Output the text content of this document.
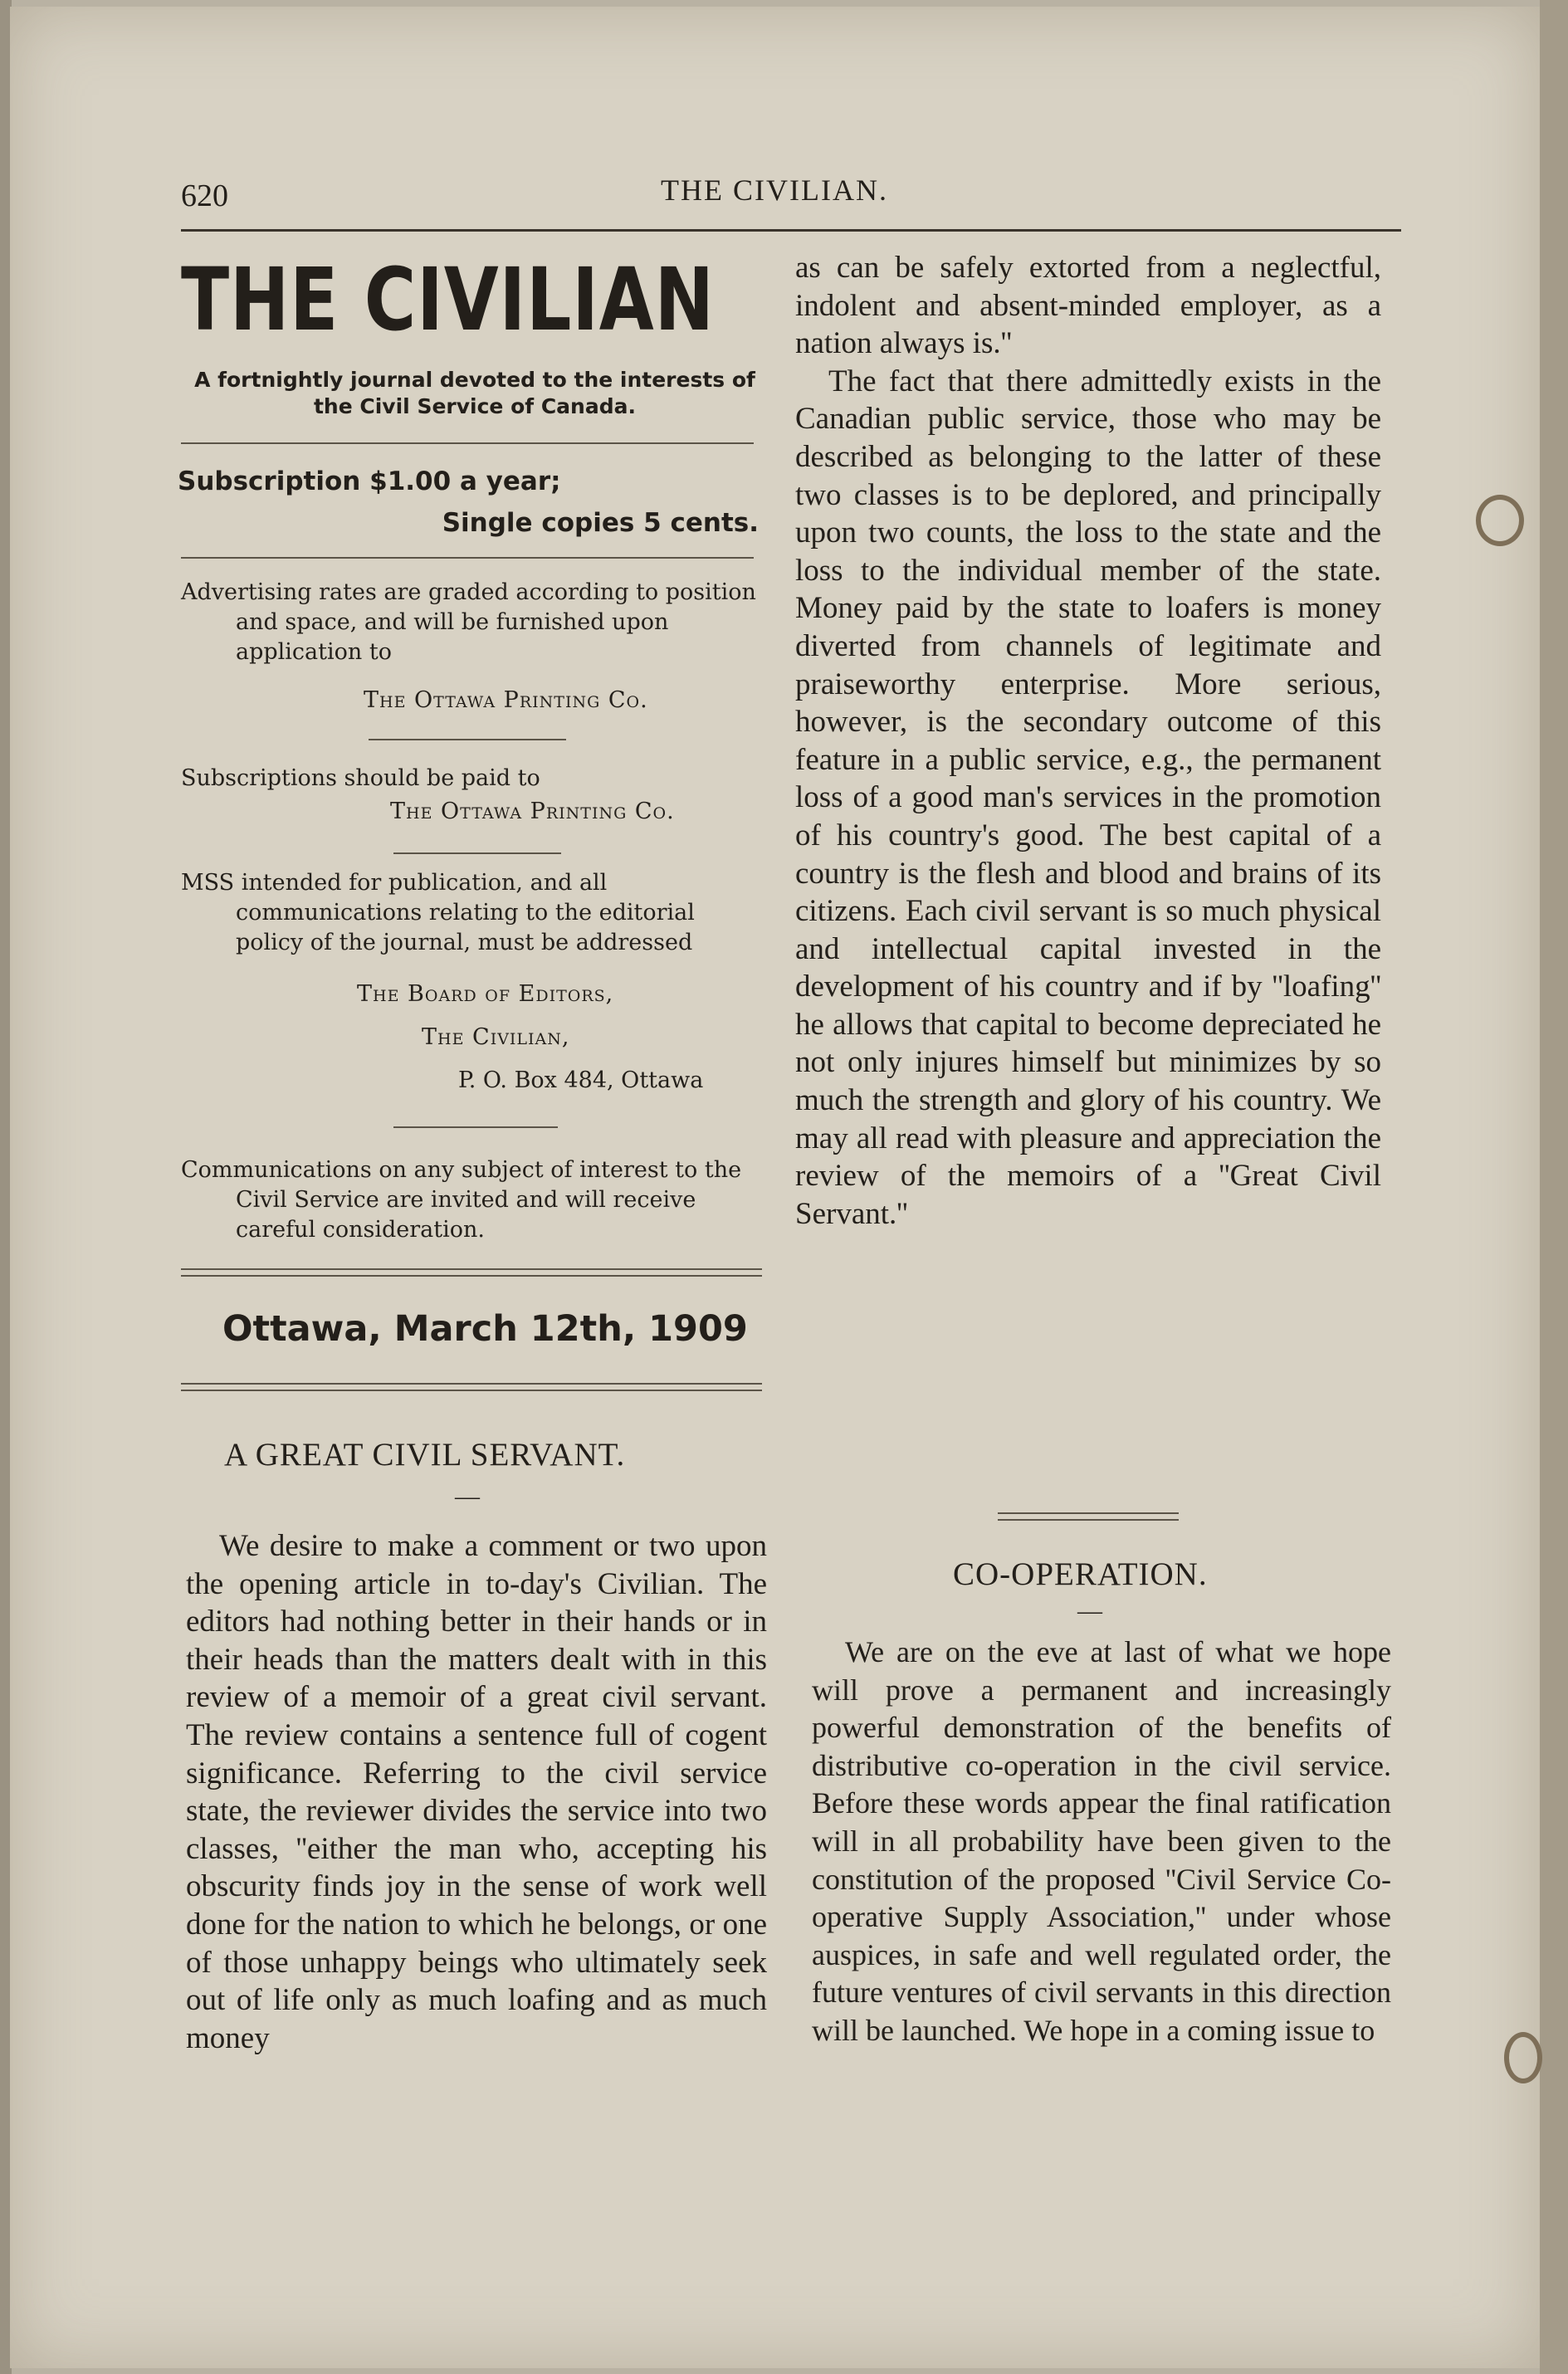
620	THE CIVILIAN.
THE CIVILIAN
A fortnightly journal devoted to the interests of the Civil Service of Canada.
Subscription $1.00 a year;
Single copies 5 cents.
Advertising rates are graded according to position and space, and will be furnished upon application to
The Ottawa Printing Co.
Subscriptions should be paid to
The Ottawa Printing Co.
MSS intended for publication, and all communications relating to the editorial policy of the journal, must be addressed
The Board of Editors,
The Civilian,
P. O. Box 484, Ottawa
Communications on any subject of interest to the Civil Service are invited and will receive careful consideration.
Ottawa, March 12th, 1909
A GREAT CIVIL SERVANT.
—

We desire to make a comment or two upon the opening article in to-day's Civilian. The editors had nothing better in their hands or in their heads than the matters dealt with in this review of a memoir of a great civil servant. The review contains a sentence full of cogent significance. Referring to the civil service state, the reviewer divides the service into two classes, ''either the man who, accepting his obscurity finds joy in the sense of work well done for the nation to which he belongs, or one of those unhappy beings who ultimately seek out of life only as much loafing and as much money

as can be safely extorted from a neglectful, indolent and absent-minded employer, as a nation always is.''

The fact that there admittedly exists in the Canadian public service, those who may be described as belonging to the latter of these two classes is to be deplored, and principally upon two counts, the loss to the state and the loss to the individual member of the state. Money paid by the state to loafers is money diverted from channels of legitimate and praiseworthy enterprise. More serious, however, is the secondary outcome of this feature in a public service, e.g., the permanent loss of a good man's services in the promotion of his country's good. The best capital of a country is the flesh and blood and brains of its citizens. Each civil servant is so much physical and intellectual capital invested in the development of his country and if by ''loafing'' he allows that capital to become depreciated he not only injures himself but minimizes by so much the strength and glory of his country. We may all read with pleasure and appreciation the review of the memoirs of a ''Great Civil Servant.''

CO-OPERATION.
—

We are on the eve at last of what we hope will prove a permanent and increasingly powerful demonstration of the benefits of distributive co-operation in the civil service. Before these words appear the final ratification will in all probability have been given to the constitution of the proposed ''Civil Service Co-operative Supply Association,'' under whose auspices, in safe and well regulated order, the future ventures of civil servants in this direction will be launched. We hope in a coming issue to
